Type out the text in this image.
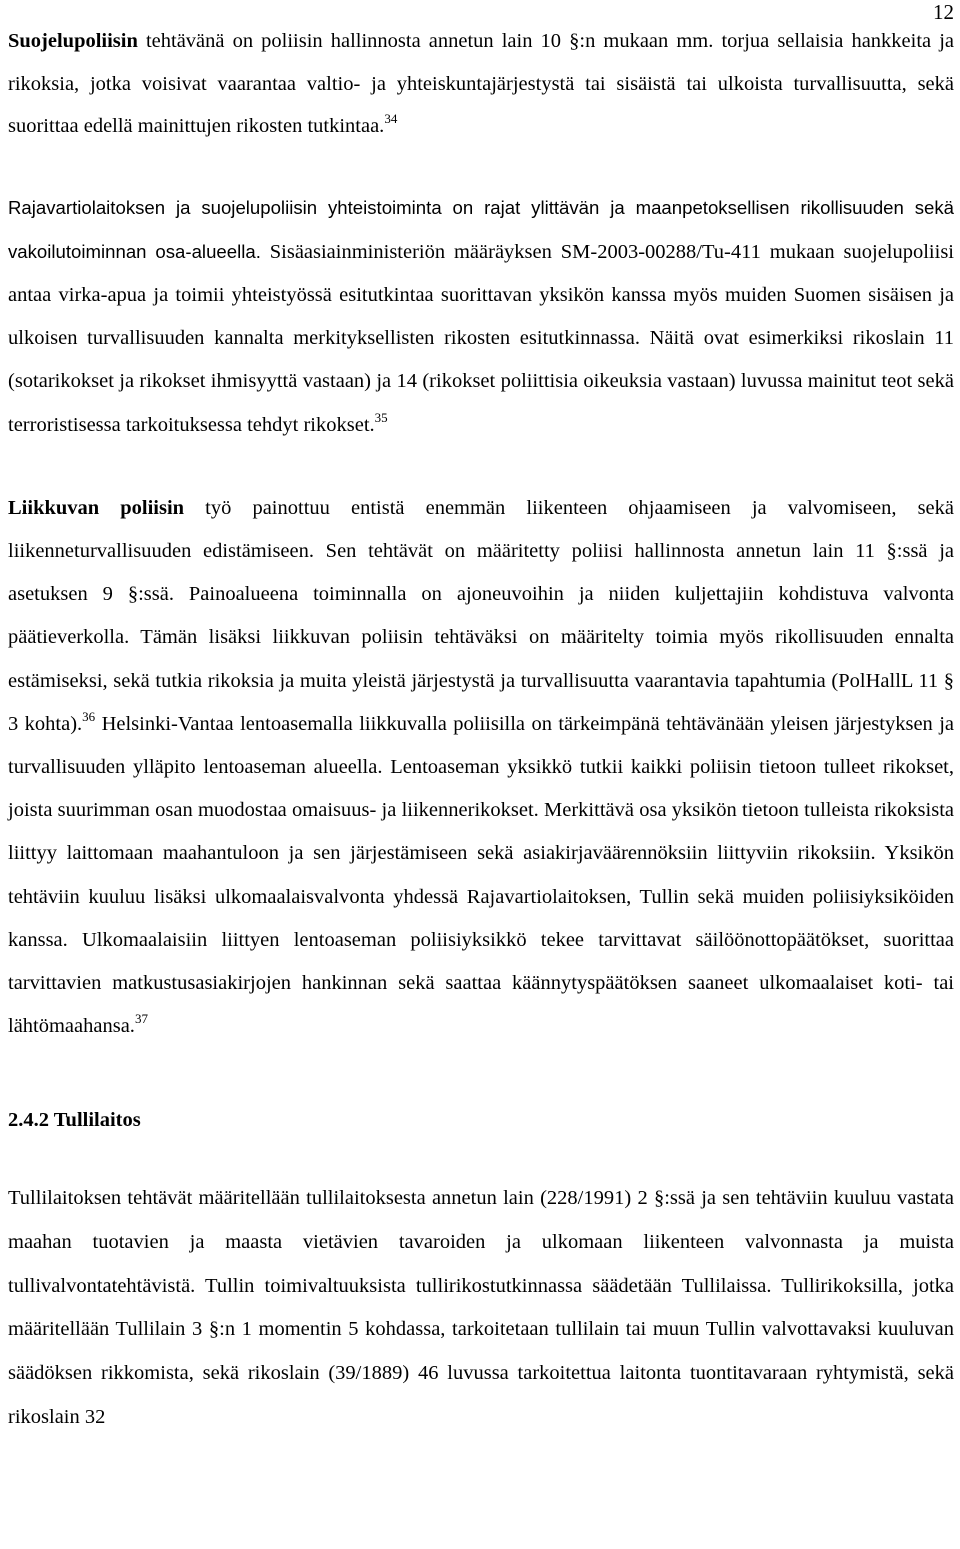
12

Suojelupoliisin tehtävänä on poliisin hallinnosta annetun lain 10 §:n mukaan mm. torjua sellaisia hankkeita ja rikoksia, jotka voisivat vaarantaa valtio- ja yhteiskuntajärjestystä tai sisäistä tai ulkoista turvallisuutta, sekä suorittaa edellä mainittujen rikosten tutkintaa.$^{34}$

Rajavartiolaitoksen ja suojelupoliisin yhteistoiminta on rajat ylittävän ja maanpetoksellisen rikollisuuden sekä vakoilutoiminnan osa-alueella. Sisäasiainministeriön määräyksen SM-2003-00288/Tu-411 mukaan suojelupoliisi antaa virka-apua ja toimii yhteistyössä esitutkintaa suorittavan yksikön kanssa myös muiden Suomen sisäisen ja ulkoisen turvallisuuden kannalta merkityksellisten rikosten esitutkinnassa. Näitä ovat esimerkiksi rikoslain 11 (sotarikokset ja rikokset ihmisyyttä vastaan) ja 14 (rikokset poliittisia oikeuksia vastaan) luvussa mainitut teot sekä terroristisessa tarkoituksessa tehdyt rikokset.$^{35}$

Liikkuvan poliisin työ painottuu entistä enemmän liikenteen ohjaamiseen ja valvomiseen, sekä liikenneturvallisuuden edistämiseen. Sen tehtävät on määritetty poliisi hallinnosta annetun lain 11 §:ssä ja asetuksen 9 §:ssä. Painoalueena toiminnalla on ajoneuvoihin ja niiden kuljettajiin kohdistuva valvonta päätieverkolla. Tämän lisäksi liikkuvan poliisin tehtäväksi on määritelty toimia myös rikollisuuden ennalta estämiseksi, sekä tutkia rikoksia ja muita yleistä järjestystä ja turvallisuutta vaarantavia tapahtumia (PolHallL 11 § 3 kohta).$^{36}$ Helsinki-Vantaa lentoasemalla liikkuvalla poliisilla on tärkeimpänä tehtävänään yleisen järjestyksen ja turvallisuuden ylläpito lentoaseman alueella. Lentoaseman yksikkö tutkii kaikki poliisin tietoon tulleet rikokset, joista suurimman osan muodostaa omaisuus- ja liikennerikokset. Merkittävä osa yksikön tietoon tulleista rikoksista liittyy laittomaan maahantuloon ja sen järjestämiseen sekä asiakirjaväärennöksiin liittyviin rikoksiin. Yksikön tehtäviin kuuluu lisäksi ulkomaalaisvalvonta yhdessä Rajavartiolaitoksen, Tullin sekä muiden poliisiyksiköiden kanssa. Ulkomaalaisiin liittyen lentoaseman poliisiyksikkö tekee tarvittavat säilöönottopäätökset, suorittaa tarvittavien matkustusasiakirjojen hankinnan sekä saattaa käännytyspäätöksen saaneet ulkomaalaiset koti- tai lähtömaahansa.$^{37}$

2.4.2 Tullilaitos

Tullilaitoksen tehtävät määritellään tullilaitoksesta annetun lain (228/1991) 2 §:ssä ja sen tehtäviin kuuluu vastata maahan tuotavien ja maasta vietävien tavaroiden ja ulkomaan liikenteen valvonnasta ja muista tullivalvontatehtävistä. Tullin toimivaltuuksista tullirikostutkinnassa säädetään Tullilaissa. Tullirikoksilla, jotka määritellään Tullilain 3 §:n 1 momentin 5 kohdassa, tarkoitetaan tullilain tai muun Tullin valvottavaksi kuuluvan säädöksen rikkomista, sekä rikoslain (39/1889) 46 luvussa tarkoitettua laitonta tuontitavaraan ryhtymistä, sekä rikoslain 32
